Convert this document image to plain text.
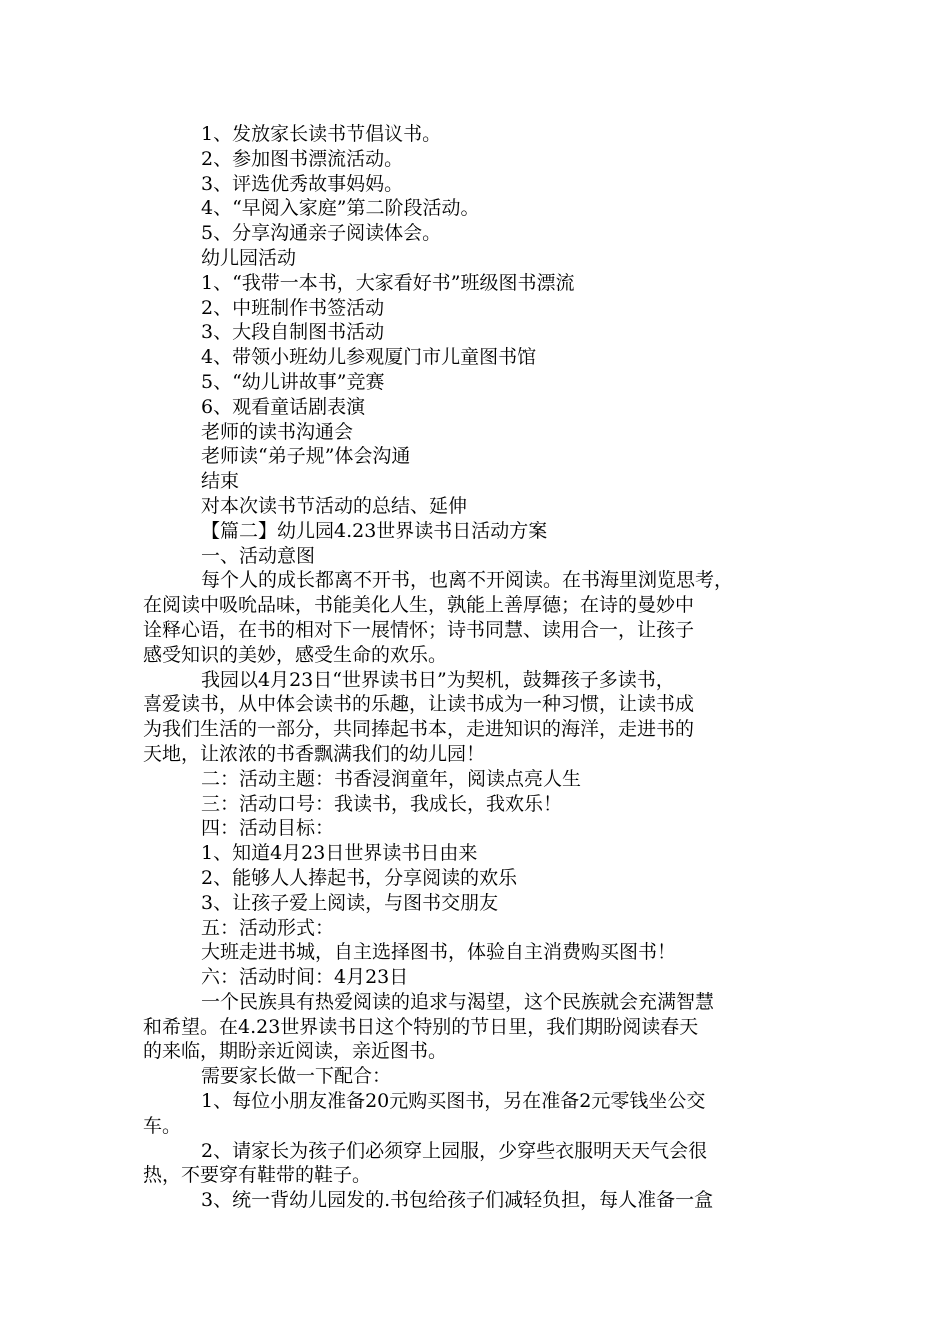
1、发放家长读书节倡议书。
2、参加图书漂流活动。
3、评选优秀故事妈妈。
4、“早阅入家庭”第二阶段活动。
5、分享沟通亲子阅读体会。
幼儿园活动
1、“我带一本书，大家看好书”班级图书漂流
2、中班制作书签活动
3、大段自制图书活动
4、带领小班幼儿参观厦门市儿童图书馆
5、“幼儿讲故事”竞赛
6、观看童话剧表演
老师的读书沟通会
老师读“弟子规”体会沟通
结束
对本次读书节活动的总结、延伸
【篇二】幼儿园4.23世界读书日活动方案
一、活动意图
每个人的成长都离不开书，也离不开阅读。在书海里浏览思考，
在阅读中吸吮品味，书能美化人生，孰能上善厚德；在诗的曼妙中
诠释心语，在书的相对下一展情怀；诗书同慧、读用合一，让孩子
感受知识的美妙，感受生命的欢乐。
我园以4月23日“世界读书日”为契机，鼓舞孩子多读书，
喜爱读书，从中体会读书的乐趣，让读书成为一种习惯，让读书成
为我们生活的一部分，共同捧起书本，走进知识的海洋，走进书的
天地，让浓浓的书香飘满我们的幼儿园！
二：活动主题：书香浸润童年，阅读点亮人生
三：活动口号：我读书，我成长，我欢乐！
四：活动目标：
1、知道4月23日世界读书日由来
2、能够人人捧起书，分享阅读的欢乐
3、让孩子爱上阅读，与图书交朋友
五：活动形式：
大班走进书城，自主选择图书，体验自主消费购买图书！
六：活动时间：4月23日
一个民族具有热爱阅读的追求与渴望，这个民族就会充满智慧
和希望。在4.23世界读书日这个特别的节日里，我们期盼阅读春天
的来临，期盼亲近阅读，亲近图书。
需要家长做一下配合：
1、每位小朋友准备20元购买图书，另在准备2元零钱坐公交
车。
2、请家长为孩子们必须穿上园服，少穿些衣服明天天气会很
热，不要穿有鞋带的鞋子。
3、统一背幼儿园发的.书包给孩子们减轻负担，每人准备一盒
